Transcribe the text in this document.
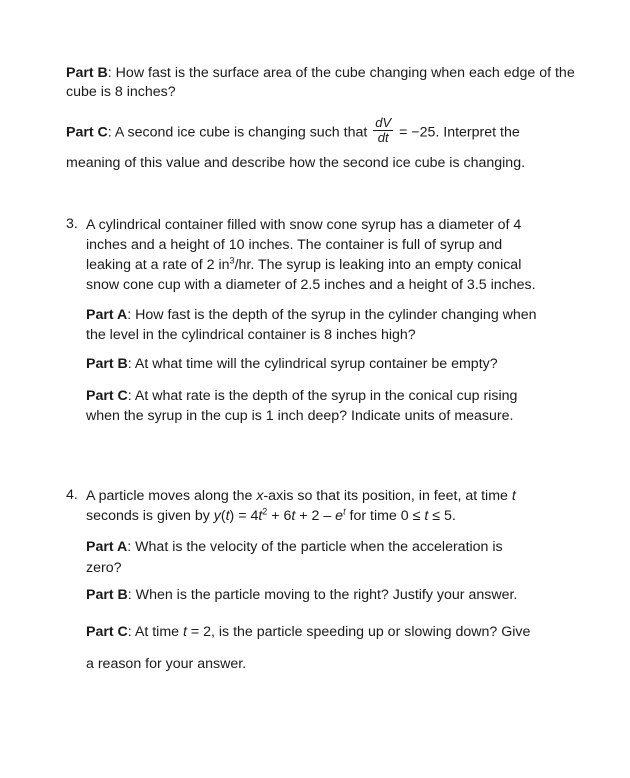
Part B: How fast is the surface area of the cube changing when each edge of the cube is 8 inches?
Part C: A second ice cube is changing such that $\frac{dV}{dt} = -25$. Interpret the
meaning of this value and describe how the second ice cube is changing.
3. A cylindrical container filled with snow cone syrup has a diameter of 4
inches and a height of 10 inches. The container is full of syrup and
leaking at a rate of 2 $in^3/hr$. The syrup is leaking into an empty conical
snow cone cup with a diameter of 2.5 inches and a height of 3.5 inches.
Part A: How fast is the depth of the syrup in the cylinder changing when
the level in the cylindrical container is 8 inches high?
Part B: At what time will the cylindrical syrup container be empty?
Part C: At what rate is the depth of the syrup in the conical cup rising
when the syrup in the cup is 1 inch deep? Indicate units of measure.
4. A particle moves along the x-axis so that its position, in feet, at time t
seconds is given by $y(t) = 4t^2 + 6t + 2 - e^t$ for time 0 ≤ t ≤ 5.
Part A: What is the velocity of the particle when the acceleration is
zero?
Part B: When is the particle moving to the right? Justify your answer.
Part C: At time t = 2, is the particle speeding up or slowing down? Give
a reason for your answer.
